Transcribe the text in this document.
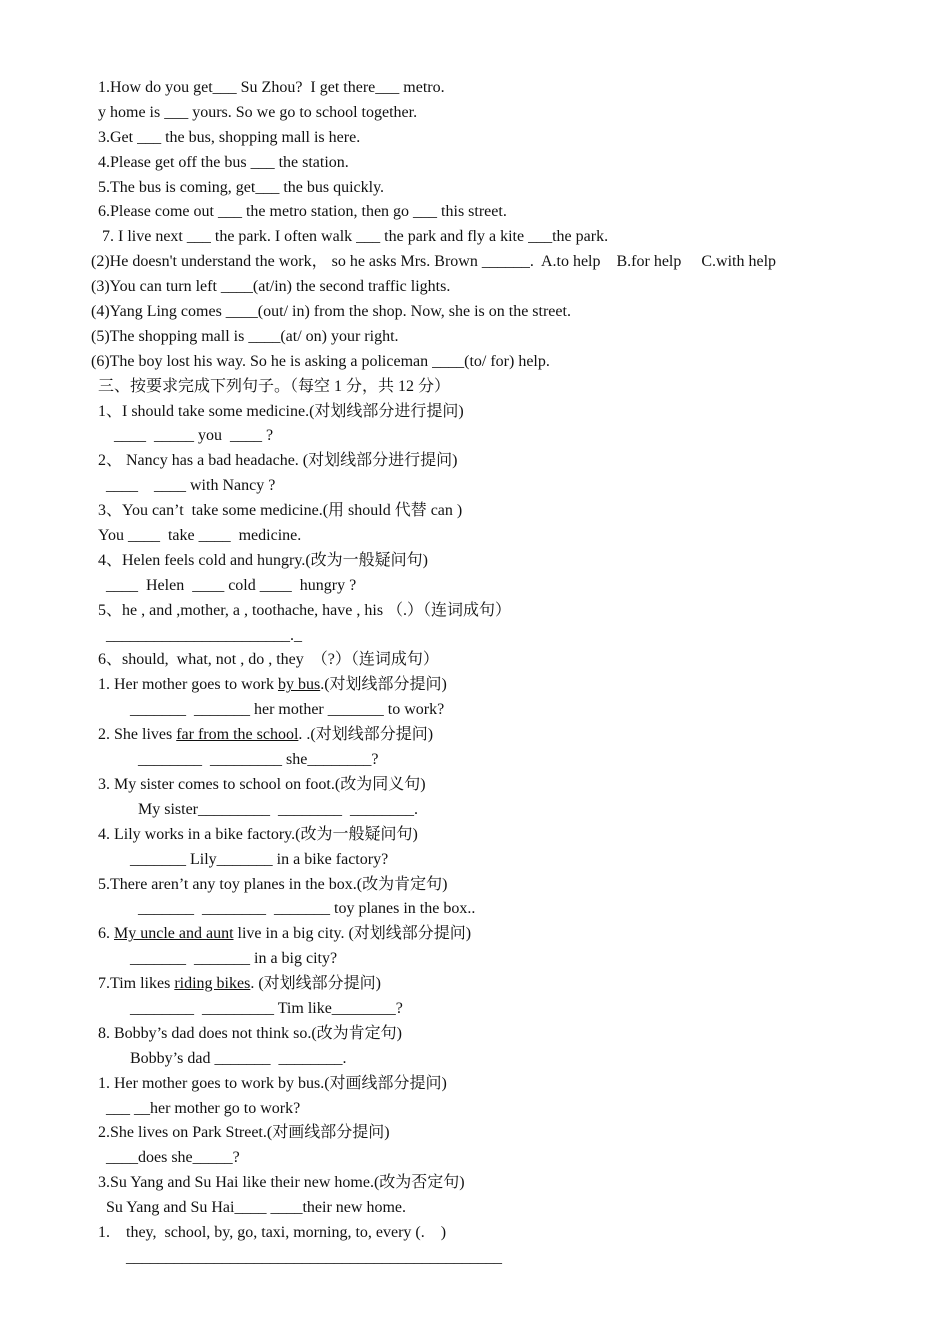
1.How do you get___ Su Zhou?  I get there___ metro.
y home is ___ yours. So we go to school together.
3.Get ___ the bus, shopping mall is here.
4.Please get off the bus ___ the station.
5.The bus is coming, get___ the bus quickly.
6.Please come out ___ the metro station, then go ___ this street.
7. I live next ___ the park. I often walk ___ the park and fly a kite ___the park.
(2)He doesn't understand the work， so he asks Mrs. Brown ______.  A.to help    B.for help     C.with help
(3)You can turn left ____(at/in) the second traffic lights.
(4)Yang Ling comes ____(out/ in) from the shop. Now, she is on the street.
(5)The shopping mall is ____(at/ on) your right.
(6)The boy lost his way. So he is asking a policeman ____(to/ for) help.
三、按要求完成下列句子。（每空 1 分，共 12 分）
1、I should take some medicine.(对划线部分进行提问)
____  _____ you  ____ ?
2、 Nancy has a bad headache. (对划线部分进行提问)
____    ____ with Nancy ?
3、You can’t  take some medicine.(用 should 代替 can )
You ____  take ____  medicine.
4、Helen feels cold and hungry.(改为一般疑问句)
____  Helen  ____ cold ____  hungry ?
5、he , and ,mother, a , toothache, have , his （.）（连词成句）
_______________________._
6、should,  what, not , do , they  （?）（连词成句）
1. Her mother goes to work by bus.(对划线部分提问)
_______  _______ her mother _______ to work?
2. She lives far from the school. .(对划线部分提问)
________  _________ she________?
3. My sister comes to school on foot.(改为同义句)
My sister_________  ________  ________.
4. Lily works in a bike factory.(改为一般疑问句)
_______ Lily_______ in a bike factory?
5.There aren’t any toy planes in the box.(改为肯定句)
_______  ________  _______ toy planes in the box..
6. My uncle and aunt live in a big city. (对划线部分提问)
_______  _______ in a big city?
7.Tim likes riding bikes. (对划线部分提问)
________  _________ Tim like________?
8. Bobby’s dad does not think so.(改为肯定句)
Bobby’s dad _______  ________.
1. Her mother goes to work by bus.(对画线部分提问)
___ __her mother go to work?
2.She lives on Park Street.(对画线部分提问)
____does she_____?
3.Su Yang and Su Hai like their new home.(改为否定句)
Su Yang and Su Hai____ ____their new home.
1.    they,  school, by, go, taxi, morning, to, every (.    )
_______________________________________________
